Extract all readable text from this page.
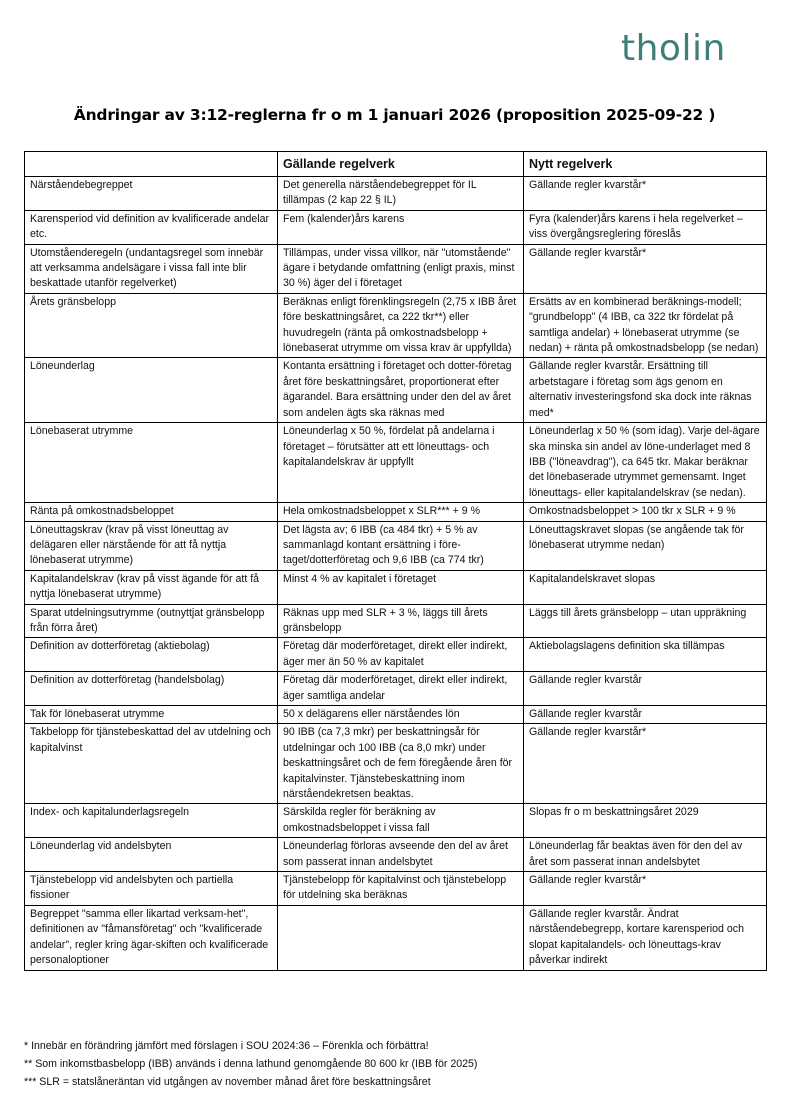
tholin
Ändringar av 3:12-reglerna fr o m 1 januari 2026 (proposition 2025-09-22 )
	Gällande regelverk	Nytt regelverk
Närståendebegreppet	Det generella närståendebegreppet för IL tillämpas (2 kap 22 § IL)	Gällande regler kvarstår*
Karensperiod vid definition av kvalificerade andelar etc.	Fem (kalender)års karens	Fyra (kalender)års karens i hela regelverket – viss övergångsreglering föreslås
Utomståenderegeln (undantagsregel som innebär att verksamma andelsägare i vissa fall inte blir beskattade utanför regelverket)	Tillämpas, under vissa villkor, när "utomstående" ägare i betydande omfattning (enligt praxis, minst 30 %) äger del i företaget	Gällande regler kvarstår*
Årets gränsbelopp	Beräknas enligt förenklingsregeln (2,75 x IBB året före beskattningsåret, ca 222 tkr**) eller huvudregeln (ränta på omkostnadsbelopp + lönebaserat utrymme om vissa krav är uppfyllda)	Ersätts av en kombinerad beräknings-modell; "grundbelopp" (4 IBB, ca 322 tkr fördelat på samtliga andelar) + lönebaserat utrymme (se nedan) + ränta på omkostnadsbelopp (se nedan)
Löneunderlag	Kontanta ersättning i företaget och dotter-företag året före beskattningsåret, proportionerat efter ägarandel. Bara ersättning under den del av året som andelen ägts ska räknas med	Gällande regler kvarstår. Ersättning till arbetstagare i företag som ägs genom en alternativ investeringsfond ska dock inte räknas med*
Lönebaserat utrymme	Löneunderlag x 50 %, fördelat på andelarna i företaget – förutsätter att ett löneuttags- och kapitalandelskrav är uppfyllt	Löneunderlag x 50 % (som idag). Varje del-ägare ska minska sin andel av löne-underlaget med 8 IBB ("löneavdrag"), ca 645 tkr. Makar beräknar det lönebaserade utrymmet gemensamt. Inget löneuttags- eller kapitalandelskrav (se nedan).
Ränta på omkostnadsbeloppet	Hela omkostnadsbeloppet x SLR*** + 9 %	Omkostnadsbeloppet > 100 tkr x SLR + 9 %
Löneuttagskrav (krav på visst löneuttag av delägaren eller närstående för att få nyttja lönebaserat utrymme)	Det lägsta av; 6 IBB (ca 484 tkr) + 5 % av sammanlagd kontant ersättning i före-taget/dotterföretag och 9,6 IBB (ca 774 tkr)	Löneuttagskravet slopas (se angående tak för lönebaserat utrymme nedan)
Kapitalandelskrav (krav på visst ägande för att få nyttja lönebaserat utrymme)	Minst 4 % av kapitalet i företaget	Kapitalandelskravet slopas
Sparat utdelningsutrymme (outnyttjat gränsbelopp från förra året)	Räknas upp med SLR + 3 %, läggs till årets gränsbelopp	Läggs till årets gränsbelopp – utan uppräkning
Definition av dotterföretag (aktiebolag)	Företag där moderföretaget, direkt eller indirekt, äger mer än 50 % av kapitalet	Aktiebolagslagens definition ska tillämpas
Definition av dotterföretag (handelsbolag)	Företag där moderföretaget, direkt eller indirekt, äger samtliga andelar	Gällande regler kvarstår
Tak för lönebaserat utrymme	50 x delägarens eller närståendes lön	Gällande regler kvarstår
Takbelopp för tjänstebeskattad del av utdelning och kapitalvinst	90 IBB (ca 7,3 mkr) per beskattningsår för utdelningar och 100 IBB (ca 8,0 mkr) under beskattningsåret och de fem föregående åren för kapitalvinster. Tjänstebeskattning inom närståendekretsen beaktas.	Gällande regler kvarstår*
Index- och kapitalunderlagsregeln	Särskilda regler för beräkning av omkostnadsbeloppet i vissa fall	Slopas fr o m beskattningsåret 2029
Löneunderlag vid andelsbyten	Löneunderlag förloras avseende den del av året som passerat innan andelsbytet	Löneunderlag får beaktas även för den del av året som passerat innan andelsbytet
Tjänstebelopp vid andelsbyten och partiella fissioner	Tjänstebelopp för kapitalvinst och tjänstebelopp för utdelning ska beräknas	Gällande regler kvarstår*
Begreppet "samma eller likartad verksam-het", definitionen av "fåmansföretag" och "kvalificerade andelar", regler kring ägar-skiften och kvalificerade personaloptioner		Gällande regler kvarstår. Ändrat närståendebegrepp, kortare karensperiod och slopat kapitalandels- och löneuttags-krav påverkar indirekt
* Innebär en förändring jämfört med förslagen i SOU 2024:36 – Förenkla och förbättra!
** Som inkomstbasbelopp (IBB) används i denna lathund genomgående 80 600 kr (IBB för 2025)
*** SLR = statslåneräntan vid utgången av november månad året före beskattningsåret
